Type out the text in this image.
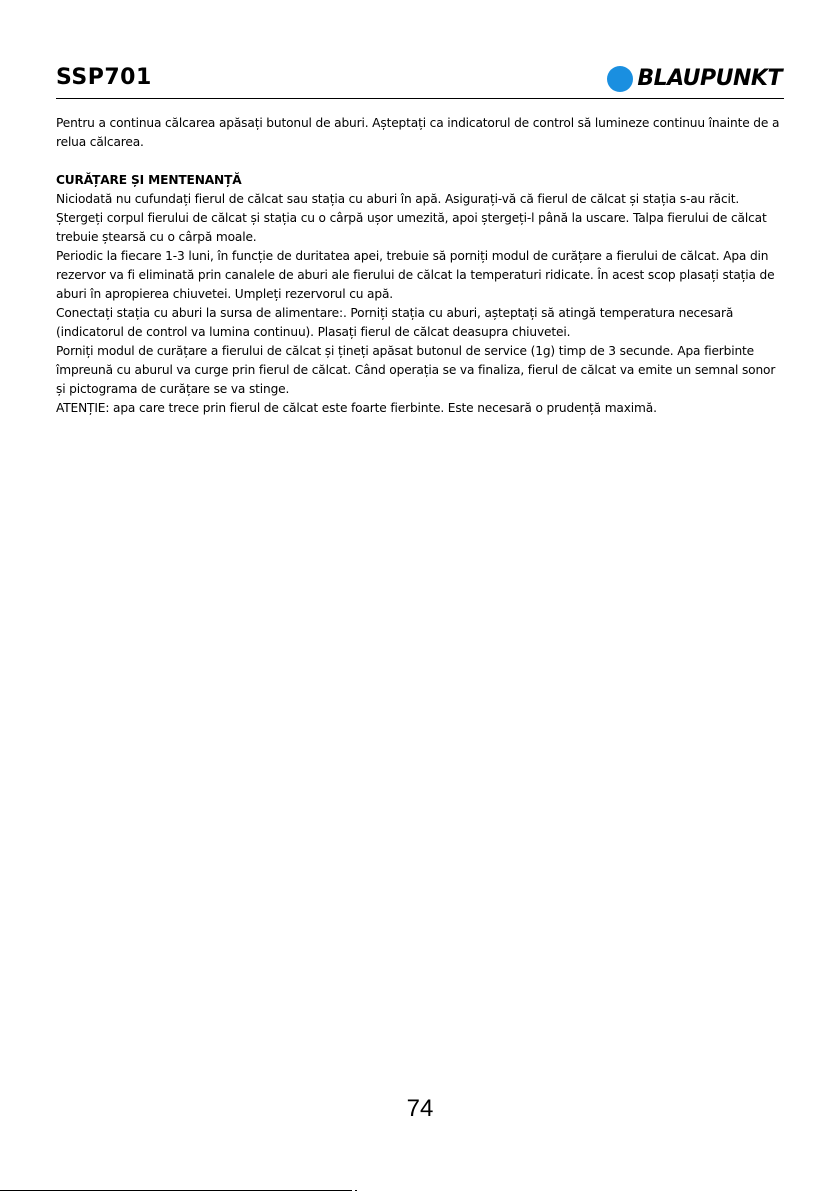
SSP701	BLAUPUNKT

Pentru a continua călcarea apăsați butonul de aburi. Așteptați ca indicatorul de control să lumineze continuu înainte de a relua călcarea.

CURĂȚARE ȘI MENTENANȚĂ

Niciodată nu cufundați fierul de călcat sau stația cu aburi în apă. Asigurați-vă că fierul de călcat și stația s-au răcit. Ștergeți corpul fierului de călcat și stația cu o cârpă ușor umezită, apoi ștergeți-l până la uscare. Talpa fierului de călcat trebuie ștearsă cu o cârpă moale.

Periodic la fiecare 1-3 luni, în funcție de duritatea apei, trebuie să porniți modul de curățare a fierului de călcat. Apa din rezervor va fi eliminată prin canalele de aburi ale fierului de călcat la temperaturi ridicate. În acest scop plasați stația de aburi în apropierea chiuvetei. Umpleți rezervorul cu apă.

Conectați stația cu aburi la sursa de alimentare:. Porniți stația cu aburi, așteptați să atingă temperatura necesară (indicatorul de control va lumina continuu). Plasați fierul de călcat deasupra chiuvetei.

Porniți modul de curățare a fierului de călcat și țineți apăsat butonul de service (1g) timp de 3 secunde. Apa fierbinte împreună cu aburul va curge prin fierul de călcat. Când operația se va finaliza, fierul de călcat va emite un semnal sonor și pictograma de curățare se va stinge.

ATENȚIE: apa care trece prin fierul de călcat este foarte fierbinte. Este necesară o prudență maximă.

74
